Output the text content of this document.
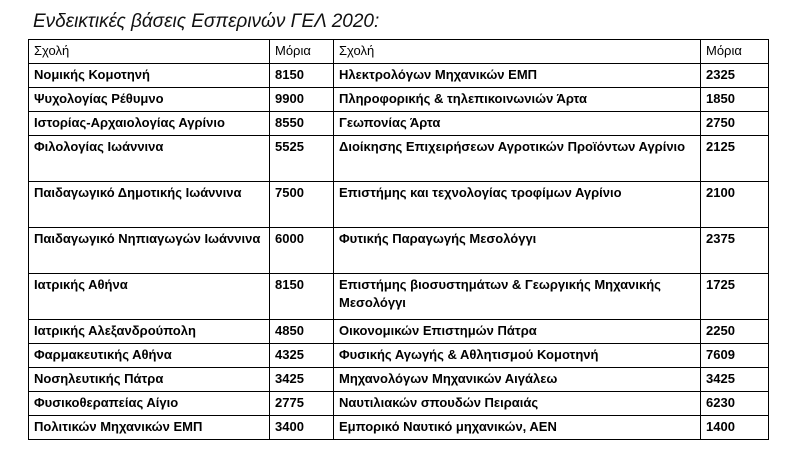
Ενδεικτικές βάσεις Εσπερινών ΓΕΛ 2020:
Σχολή	Μόρια	Σχολή	Μόρια
Νομικής Κομοτηνή	8150	Ηλεκτρολόγων Μηχανικών ΕΜΠ	2325
Ψυχολογίας Ρέθυμνο	9900	Πληροφορικής & τηλεπικοινωνιών Άρτα	1850
Ιστορίας-Αρχαιολογίας Αγρίνιο	8550	Γεωπονίας Άρτα	2750
Φιλολογίας Ιωάννινα	5525	Διοίκησης Επιχειρήσεων Αγροτικών Προϊόντων Αγρίνιο	2125
Παιδαγωγικό Δημοτικής Ιωάννινα	7500	Επιστήμης και τεχνολογίας τροφίμων Αγρίνιο	2100
Παιδαγωγικό Νηπιαγωγών Ιωάννινα	6000	Φυτικής Παραγωγής Μεσολόγγι	2375
Ιατρικής Αθήνα	8150	Επιστήμης βιοσυστημάτων & Γεωργικής Μηχανικής Μεσολόγγι	1725
Ιατρικής Αλεξανδρούπολη	4850	Οικονομικών Επιστημών Πάτρα	2250
Φαρμακευτικής Αθήνα	4325	Φυσικής Αγωγής & Αθλητισμού Κομοτηνή	7609
Νοσηλευτικής Πάτρα	3425	Μηχανολόγων Μηχανικών Αιγάλεω	3425
Φυσικοθεραπείας Αίγιο	2775	Ναυτιλιακών σπουδών Πειραιάς	6230
Πολιτικών Μηχανικών ΕΜΠ	3400	Εμπορικό Ναυτικό μηχανικών, ΑΕΝ	1400
